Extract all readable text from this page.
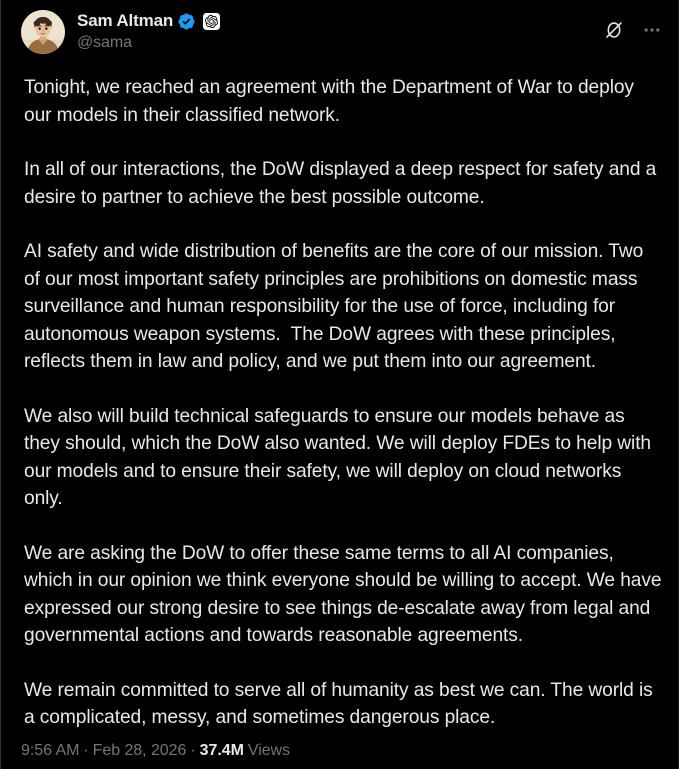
Sam Altman
@sama

Tonight, we reached an agreement with the Department of War to deploy our models in their classified network.

In all of our interactions, the DoW displayed a deep respect for safety and a desire to partner to achieve the best possible outcome.

AI safety and wide distribution of benefits are the core of our mission. Two of our most important safety principles are prohibitions on domestic mass surveillance and human responsibility for the use of force, including for autonomous weapon systems.  The DoW agrees with these principles, reflects them in law and policy, and we put them into our agreement.

We also will build technical safeguards to ensure our models behave as they should, which the DoW also wanted. We will deploy FDEs to help with our models and to ensure their safety, we will deploy on cloud networks only.

We are asking the DoW to offer these same terms to all AI companies, which in our opinion we think everyone should be willing to accept. We have expressed our strong desire to see things de-escalate away from legal and governmental actions and towards reasonable agreements.

We remain committed to serve all of humanity as best we can. The world is a complicated, messy, and sometimes dangerous place.

9:56 AM · Feb 28, 2026 · 37.4M Views
